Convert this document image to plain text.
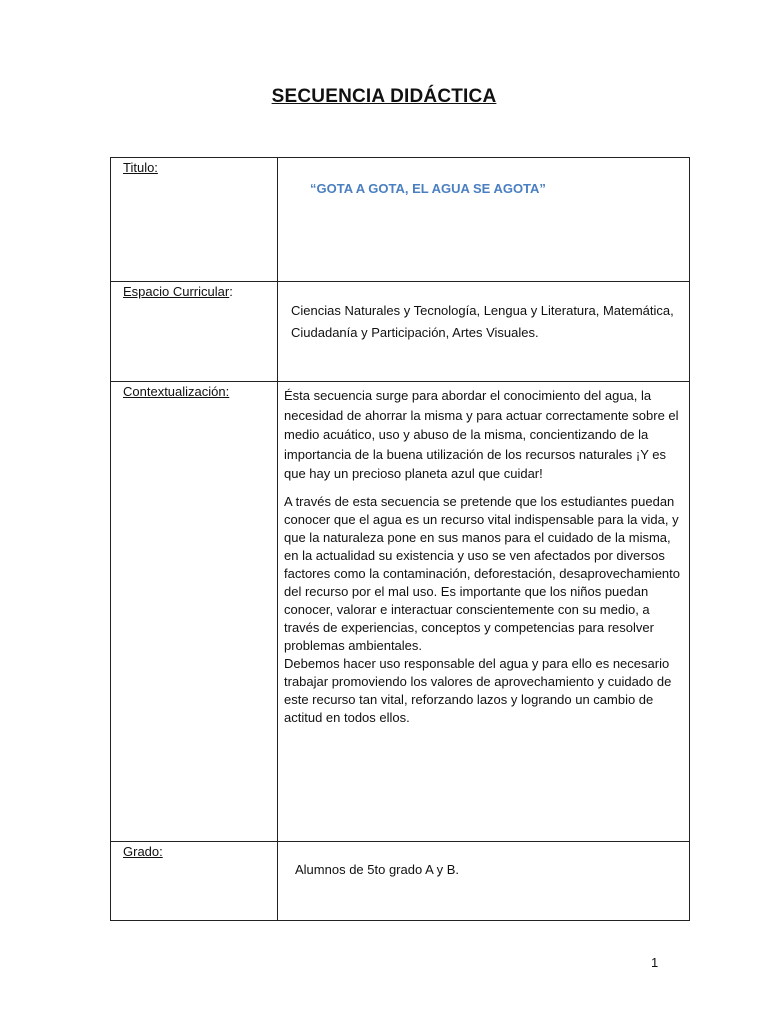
SECUENCIA DIDÁCTICA
Titulo:	“GOTA A GOTA, EL AGUA SE AGOTA”
Espacio Curricular:	Ciencias Naturales y Tecnología, Lengua y Literatura, Matemática, Ciudadanía y Participación, Artes Visuales.
Contextualización:	Ésta secuencia surge para abordar el conocimiento del agua, la necesidad de ahorrar la misma y para actuar correctamente sobre el medio acuático, uso y abuso de la misma, concientizando de la importancia de la buena utilización de los recursos naturales ¡Y es que hay un precioso planeta azul que cuidar!

A través de esta secuencia se pretende que los estudiantes puedan conocer que el agua es un recurso vital indispensable para la vida, y que la naturaleza pone en sus manos para el cuidado de la misma, en la actualidad su existencia y uso se ven afectados por diversos factores como la contaminación, deforestación, desaprovechamiento del recurso por el mal uso. Es importante que los niños puedan conocer, valorar e interactuar conscientemente con su medio, a través de experiencias, conceptos y competencias para resolver problemas ambientales.

Debemos hacer uso responsable del agua y para ello es necesario trabajar promoviendo los valores de aprovechamiento y cuidado de este recurso tan vital, reforzando lazos y logrando un cambio de actitud en todos ellos.

Grado:	Alumnos de 5to grado A y B.
1
